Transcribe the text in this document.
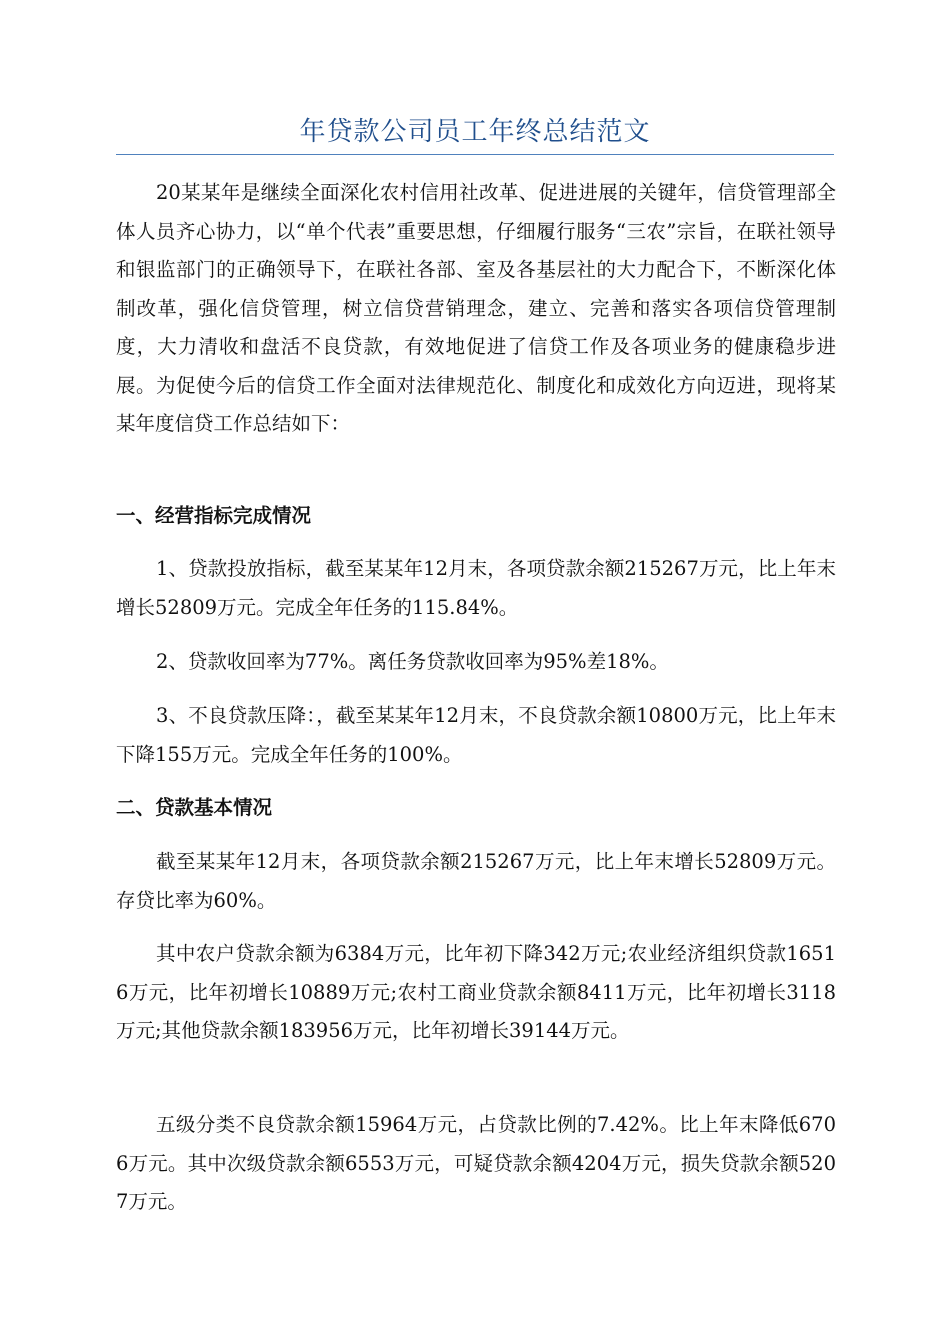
年贷款公司员工年终总结范文
20某某年是继续全面深化农村信用社改革、促进进展的关键年，信贷管理部全体人员齐心协力，以“单个代表”重要思想，仔细履行服务“三农”宗旨，在联社领导和银监部门的正确领导下，在联社各部、室及各基层社的大力配合下，不断深化体制改革，强化信贷管理，树立信贷营销理念，建立、完善和落实各项信贷管理制度，大力清收和盘活不良贷款，有效地促进了信贷工作及各项业务的健康稳步进展。为促使今后的信贷工作全面对法律规范化、制度化和成效化方向迈进，现将某某年度信贷工作总结如下：
一、经营指标完成情况
1、贷款投放指标，截至某某年12月末，各项贷款余额215267万元，比上年末增长52809万元。完成全年任务的115.84%。
2、贷款收回率为77%。离任务贷款收回率为95%差18%。
3、不良贷款压降：，截至某某年12月末，不良贷款余额10800万元，比上年末下降155万元。完成全年任务的100%。
二、贷款基本情况
截至某某年12月末，各项贷款余额215267万元，比上年末增长52809万元。存贷比率为60%。
其中农户贷款余额为6384万元，比年初下降342万元;农业经济组织贷款16516万元，比年初增长10889万元;农村工商业贷款余额8411万元，比年初增长3118万元;其他贷款余额183956万元，比年初增长39144万元。
五级分类不良贷款余额15964万元，占贷款比例的7.42%。比上年末降低6706万元。其中次级贷款余额6553万元，可疑贷款余额4204万元，损失贷款余额5207万元。
